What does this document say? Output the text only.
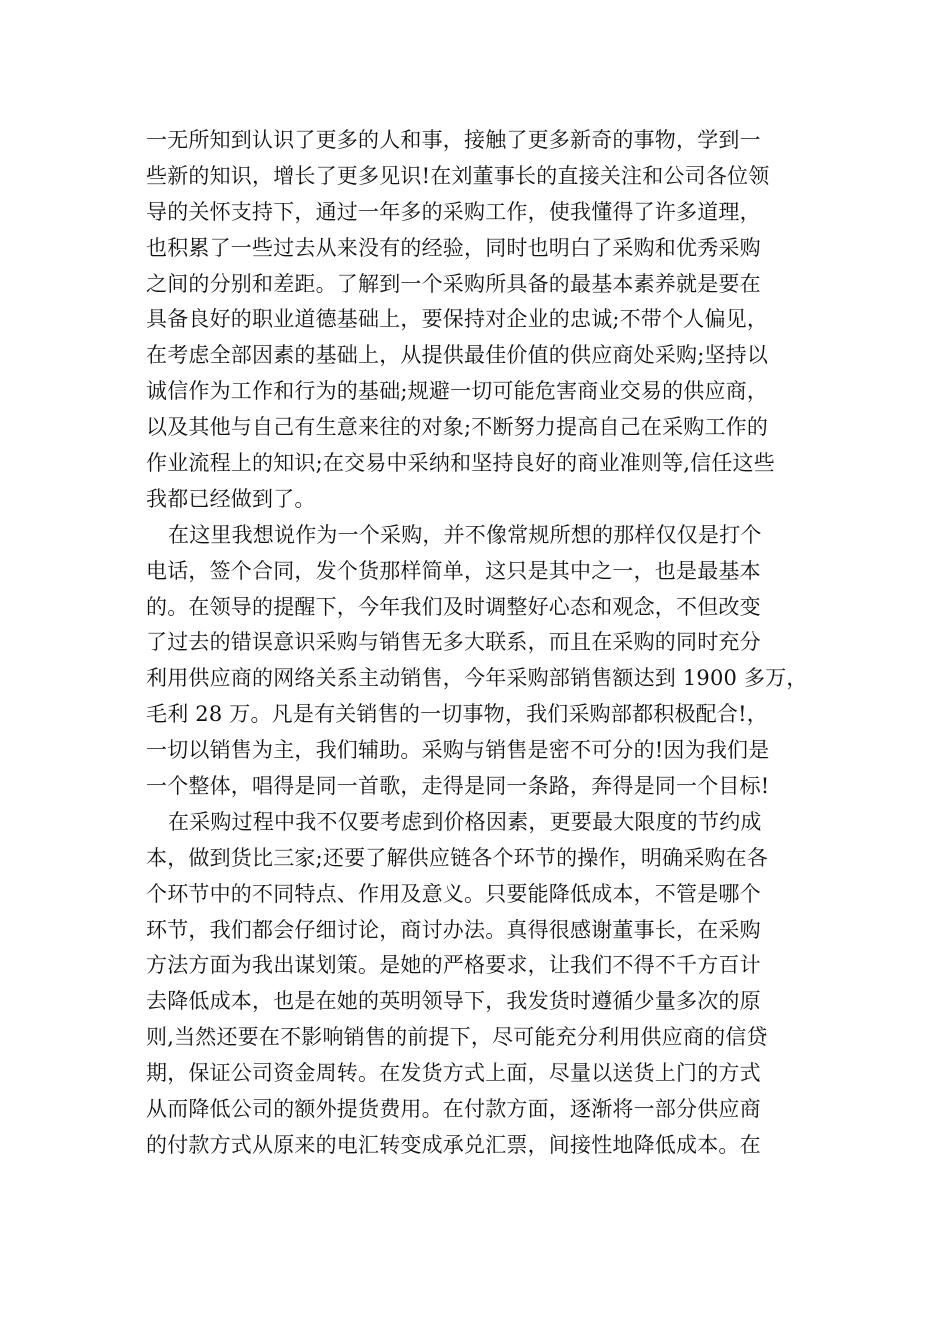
一无所知到认识了更多的人和事，接触了更多新奇的事物，学到一
些新的知识，增长了更多见识!在刘董事长的直接关注和公司各位领
导的关怀支持下，通过一年多的采购工作，使我懂得了许多道理，
也积累了一些过去从来没有的经验，同时也明白了采购和优秀采购
之间的分别和差距。了解到一个采购所具备的最基本素养就是要在
具备良好的职业道德基础上，要保持对企业的忠诚;不带个人偏见，
在考虑全部因素的基础上，从提供最佳价值的供应商处采购;坚持以
诚信作为工作和行为的基础;规避一切可能危害商业交易的供应商，
以及其他与自己有生意来往的对象;不断努力提高自己在采购工作的
作业流程上的知识;在交易中采纳和坚持良好的商业准则等,信任这些
我都已经做到了。
在这里我想说作为一个采购，并不像常规所想的那样仅仅是打个
电话，签个合同，发个货那样简单，这只是其中之一，也是最基本
的。在领导的提醒下，今年我们及时调整好心态和观念，不但改变
了过去的错误意识采购与销售无多大联系，而且在采购的同时充分
利用供应商的网络关系主动销售，今年采购部销售额达到 1900 多万，
毛利 28 万。凡是有关销售的一切事物，我们采购部都积极配合!，
一切以销售为主，我们辅助。采购与销售是密不可分的!因为我们是
一个整体，唱得是同一首歌，走得是同一条路，奔得是同一个目标!
在采购过程中我不仅要考虑到价格因素，更要最大限度的节约成
本，做到货比三家;还要了解供应链各个环节的操作，明确采购在各
个环节中的不同特点、作用及意义。只要能降低成本，不管是哪个
环节，我们都会仔细讨论，商讨办法。真得很感谢董事长，在采购
方法方面为我出谋划策。是她的严格要求，让我们不得不千方百计
去降低成本，也是在她的英明领导下，我发货时遵循少量多次的原
则,当然还要在不影响销售的前提下，尽可能充分利用供应商的信贷
期，保证公司资金周转。在发货方式上面，尽量以送货上门的方式
从而降低公司的额外提货费用。在付款方面，逐渐将一部分供应商
的付款方式从原来的电汇转变成承兑汇票，间接性地降低成本。在
